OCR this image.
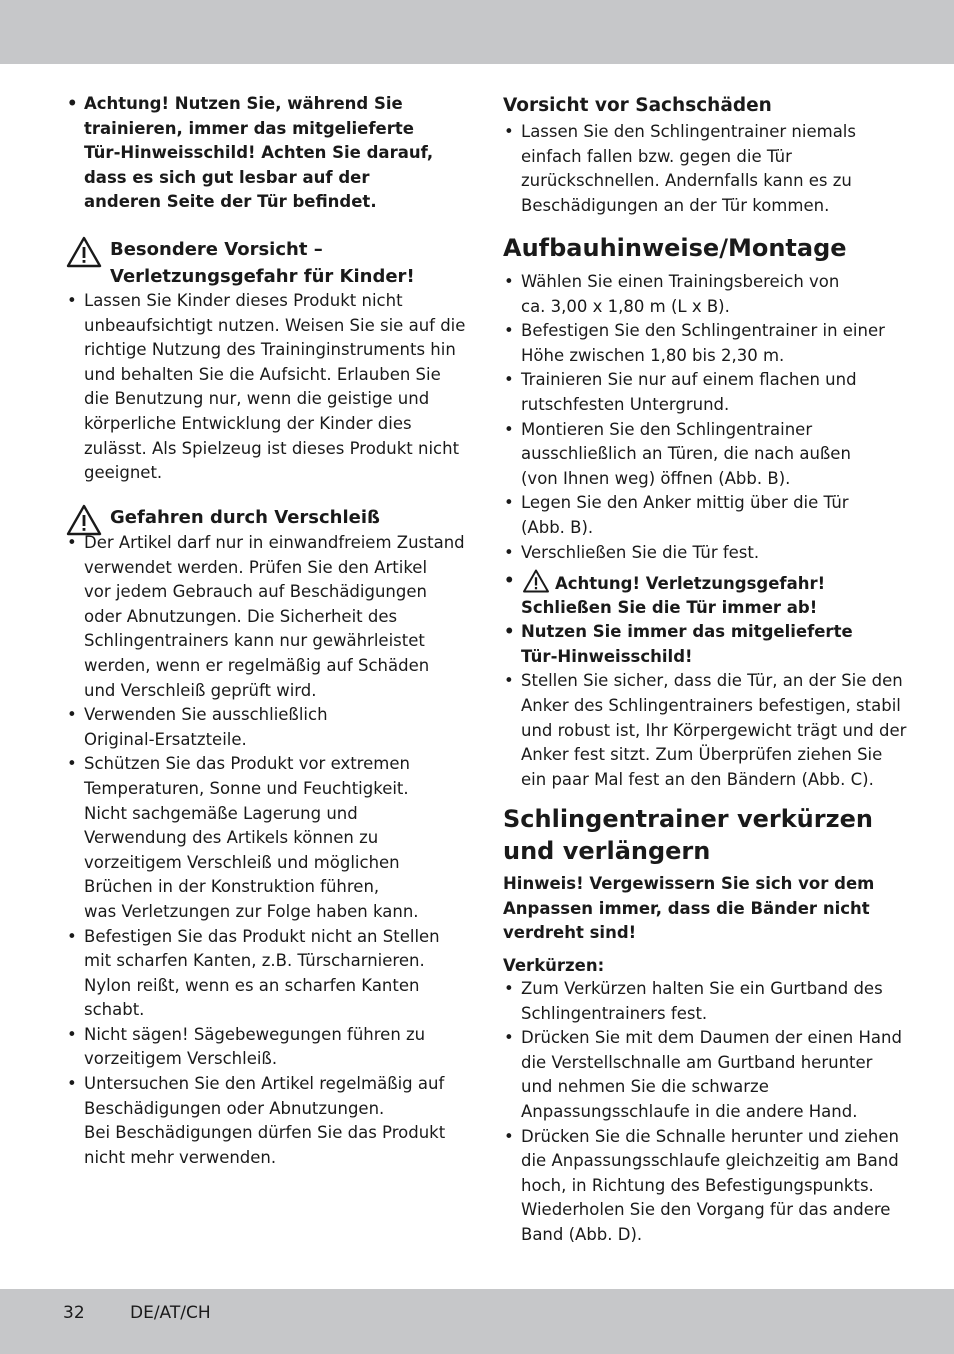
• Achtung! Nutzen Sie, während Sie
trainieren, immer das mitgelieferte
Tür-Hinweisschild! Achten Sie darauf,
dass es sich gut lesbar auf der
anderen Seite der Tür befindet.
Besondere Vorsicht –
Verletzungsgefahr für Kinder!
• Lassen Sie Kinder dieses Produkt nicht
unbeaufsichtigt nutzen. Weisen Sie sie auf die
richtige Nutzung des Traininginstruments hin
und behalten Sie die Aufsicht. Erlauben Sie
die Benutzung nur, wenn die geistige und
körperliche Entwicklung der Kinder dies
zulässt. Als Spielzeug ist dieses Produkt nicht
geeignet.
Gefahren durch Verschleiß
• Der Artikel darf nur in einwandfreiem Zustand
verwendet werden. Prüfen Sie den Artikel
vor jedem Gebrauch auf Beschädigungen
oder Abnutzungen. Die Sicherheit des
Schlingentrainers kann nur gewährleistet
werden, wenn er regelmäßig auf Schäden
und Verschleiß geprüft wird.
• Verwenden Sie ausschließlich
Original-Ersatzteile.
• Schützen Sie das Produkt vor extremen
Temperaturen, Sonne und Feuchtigkeit.
Nicht sachgemäße Lagerung und
Verwendung des Artikels können zu
vorzeitigem Verschleiß und möglichen
Brüchen in der Konstruktion führen,
was Verletzungen zur Folge haben kann.
• Befestigen Sie das Produkt nicht an Stellen
mit scharfen Kanten, z.B. Türscharnieren.
Nylon reißt, wenn es an scharfen Kanten
schabt.
• Nicht sägen! Sägebewegungen führen zu
vorzeitigem Verschleiß.
• Untersuchen Sie den Artikel regelmäßig auf
Beschädigungen oder Abnutzungen.
Bei Beschädigungen dürfen Sie das Produkt
nicht mehr verwenden.
Vorsicht vor Sachschäden
• Lassen Sie den Schlingentrainer niemals
einfach fallen bzw. gegen die Tür
zurückschnellen. Andernfalls kann es zu
Beschädigungen an der Tür kommen.
Aufbauhinweise/Montage
• Wählen Sie einen Trainingsbereich von
ca. 3,00 x 1,80 m (L x B).
• Befestigen Sie den Schlingentrainer in einer
Höhe zwischen 1,80 bis 2,30 m.
• Trainieren Sie nur auf einem flachen und
rutschfesten Untergrund.
• Montieren Sie den Schlingentrainer
ausschließlich an Türen, die nach außen
(von Ihnen weg) öffnen (Abb. B).
• Legen Sie den Anker mittig über die Tür
(Abb. B).
• Verschließen Sie die Tür fest.
•	Achtung! Verletzungsgefahr!
Schließen Sie die Tür immer ab!
• Nutzen Sie immer das mitgelieferte
Tür-Hinweisschild!
• Stellen Sie sicher, dass die Tür, an der Sie den
Anker des Schlingentrainers befestigen, stabil
und robust ist, Ihr Körpergewicht trägt und der
Anker fest sitzt. Zum Überprüfen ziehen Sie
ein paar Mal fest an den Bändern (Abb. C).
Schlingentrainer verkürzen
und verlängern
Hinweis! Vergewissern Sie sich vor dem
Anpassen immer, dass die Bänder nicht
verdreht sind!
Verkürzen:
• Zum Verkürzen halten Sie ein Gurtband des
Schlingentrainers fest.
• Drücken Sie mit dem Daumen der einen Hand
die Verstellschnalle am Gurtband herunter
und nehmen Sie die schwarze
Anpassungsschlaufe in die andere Hand.
• Drücken Sie die Schnalle herunter und ziehen
die Anpassungsschlaufe gleichzeitig am Band
hoch, in Richtung des Befestigungspunkts.
Wiederholen Sie den Vorgang für das andere
Band (Abb. D).
32	DE/AT/CH
